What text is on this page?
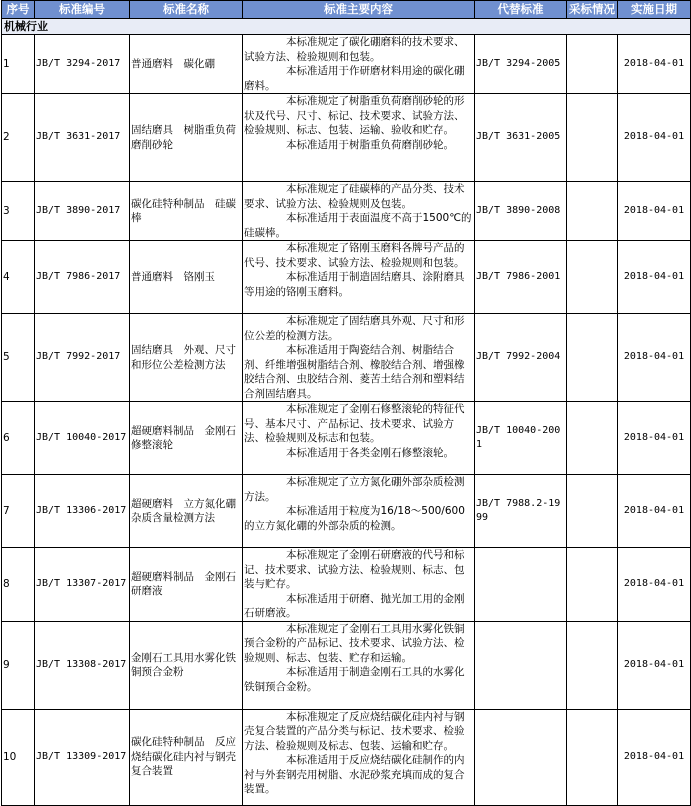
序号	标准编号	标准名称	标准主要内容	代替标准	采标情况	实施日期
机械行业						
1	JB/T 3294-2017	普通磨料　碳化硼	本标准规定了碳化硼磨料的技术要求、试验方法、检验规则和包装。
本标准适用于作研磨材料用途的碳化硼磨料。	JB/T 3294-2005		2018-04-01
2	JB/T 3631-2017	固结磨具　树脂重负荷磨削砂轮	本标准规定了树脂重负荷磨削砂轮的形状及代号、尺寸、标记、技术要求、试验方法、检验规则、标志、包装、运输、验收和贮存。
本标准适用于树脂重负荷磨削砂轮。	JB/T 3631-2005		2018-04-01
3	JB/T 3890-2017	碳化硅特种制品　硅碳棒	本标准规定了硅碳棒的产品分类、技术要求、试验方法、检验规则及包装。
本标准适用于表面温度不高于1500℃的硅碳棒。	JB/T 3890-2008		2018-04-01
4	JB/T 7986-2017	普通磨料　铬刚玉	本标准规定了铬刚玉磨料各牌号产品的代号、技术要求、试验方法、检验规则和包装。
本标准适用于制造固结磨具、涂附磨具等用途的铬刚玉磨料。	JB/T 7986-2001		2018-04-01
5	JB/T 7992-2017	固结磨具　外观、尺寸和形位公差检测方法	本标准规定了固结磨具外观、尺寸和形位公差的检测方法。
本标准适用于陶瓷结合剂、树脂结合剂、纤维增强树脂结合剂、橡胶结合剂、增强橡胶结合剂、虫胶结合剂、菱苦土结合剂和塑料结合剂固结磨具。	JB/T 7992-2004		2018-04-01
6	JB/T 10040-2017	超硬磨料制品　金刚石修整滚轮	本标准规定了金刚石修整滚轮的特征代号、基本尺寸、产品标记、技术要求、试验方法、检验规则及标志和包装。
本标准适用于各类金刚石修整滚轮。	JB/T 10040-2001		2018-04-01
7	JB/T 13306-2017	超硬磨料　立方氮化硼杂质含量检测方法	本标准规定了立方氮化硼外部杂质检测方法。
本标准适用于粒度为16/18～500/600的立方氮化硼的外部杂质的检测。	JB/T 7988.2-1999		2018-04-01
8	JB/T 13307-2017	超硬磨料制品　金刚石研磨液	本标准规定了金刚石研磨液的代号和标记、技术要求、试验方法、检验规则、标志、包装与贮存。
本标准适用于研磨、抛光加工用的金刚石研磨液。			2018-04-01
9	JB/T 13308-2017	金刚石工具用水雾化铁铜预合金粉	本标准规定了金刚石工具用水雾化铁铜预合金粉的产品标记、技术要求、试验方法、检验规则、标志、包装、贮存和运输。
本标准适用于制造金刚石工具的水雾化铁铜预合金粉。			2018-04-01
10	JB/T 13309-2017	碳化硅特种制品　反应烧结碳化硅内衬与钢壳复合装置	本标准规定了反应烧结碳化硅内衬与钢壳复合装置的产品分类与标记、技术要求、检验方法、检验规则及标志、包装、运输和贮存。
本标准适用于反应烧结碳化硅制作的内衬与外套钢壳用树脂、水泥砂浆充填而成的复合装置。			2018-04-01
